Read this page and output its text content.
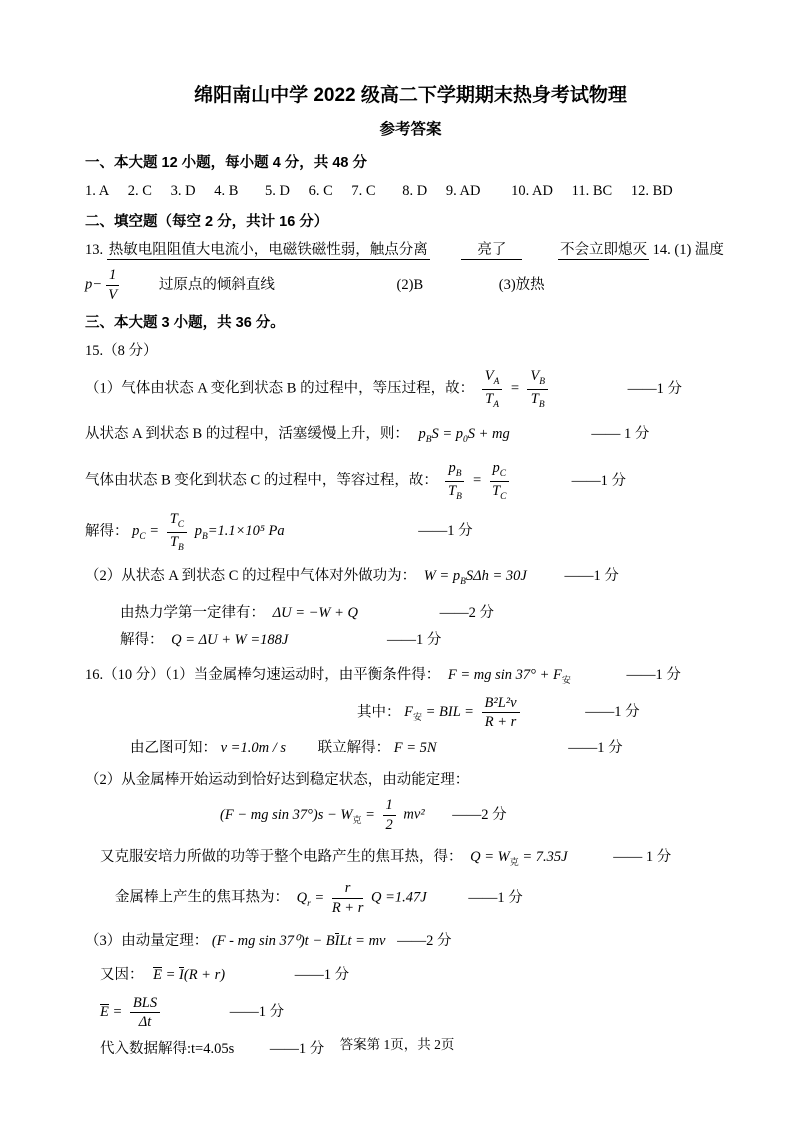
绵阳南山中学 2022 级高二下学期期末热身考试物理
参考答案
一、本大题 12 小题，每小题 4 分，共 48 分
1. A 2. C 3. D 4. B 5. D 6. C 7. C 8. D 9. AD 10. AD 11. BC 12. BD
二、填空题（每空 2 分，共计 16 分）
13. 热敏电阻阻值大电流小，电磁铁磁性弱，触点分离	亮了	不会立即熄灭 14. (1) 温度
$p- \frac{1}{V}$	过原点的倾斜直线	(2)B	(3)放热
三、本大题 3 小题，共 36 分。
15.（8 分）
（1）气体由状态 A 变化到状态 B 的过程中，等压过程，故： $\frac{V_A}{T_A} = \frac{V_B}{T_B}$	——1 分
从状态 A 到状态 B 的过程中，活塞缓慢上升，则： $p_BS = p_0S$ + mg	—— 1 分
气体由状态 B 变化到状态 C 的过程中，等容过程，故： $\frac{p_B}{T_B} = \frac{p_C}{T_C}$	——1 分
解得： $p_C = \frac{T_C}{T_B} p_B=1.1\times 10^5$ Pa	——1 分
（2）从状态 A 到状态 C 的过程中气体对外做功为： $W = p_BS\Delta h = 30J$	——1 分
由热力学第一定律有： ΔU = −W + Q	——2 分
解得： Q = ΔU + W =188J	——1 分
16.（10 分）（1）当金属棒匀速运动时，由平衡条件得： F = mg $\sin 37^\circ + F_安$	——1 分
其中： $F_安$ = BIL = $\frac{\text{B²L²v}}{R + r}$	——1 分
由乙图可知： v =1.0m / s 联立解得： F = 5N	——1 分
（2）从金属棒开始运动到恰好达到稳定状态，由动能定理：
(F − mg $\sin 37^\circ)s - W_克 = \frac{1}{2} mv^2$ ——2 分
又克服安培力所做的功等于整个电路产生的焦耳热，得： $Q = W_克 = 7.35J$	—— 1 分
金属棒上产生的焦耳热为： $Q_r = \frac{r}{R + r}$ Q =1.47J	——1 分
（3）由动量定理： (F - mg sin 37⁰)t − BILt = mv ——2 分
又因： E = I(R + r)	——1 分
$E = \frac{\text{BLS}}{\Delta t}$	——1 分
代入数据解得:t=4.05s ——1 分	答案第 1页，共 2页
